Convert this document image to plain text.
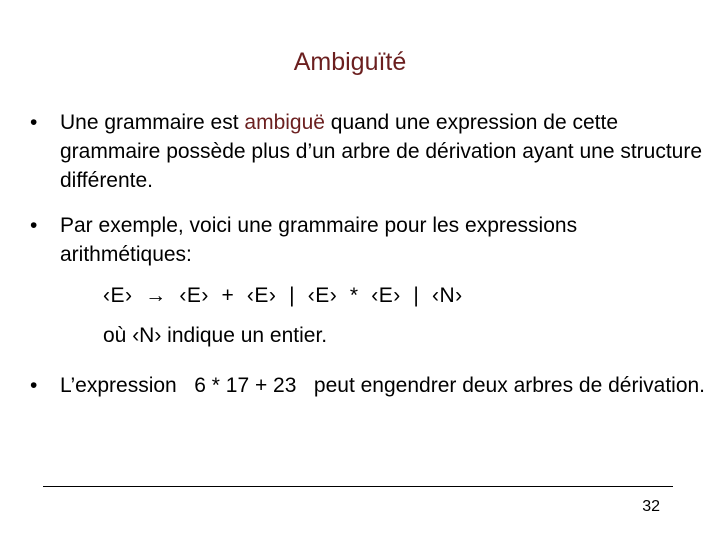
Ambiguïté
•	Une grammaire est ambiguë quand une expression de cette grammaire possède plus d’un arbre de dérivation ayant une structure différente.
•	Par exemple, voici une grammaire pour les expressions arithmétiques:
‹E›  →  ‹E›  +  ‹E›  |  ‹E›  *  ‹E›  |  ‹N›
où ‹N› indique un entier.
•	L’expression   6 * 17 + 23   peut engendrer deux arbres de dérivation.
32
